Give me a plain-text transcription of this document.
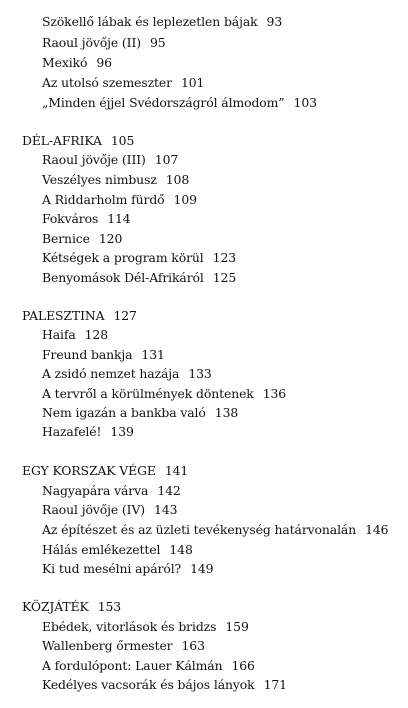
Szökellő lábak és leplezetlen bájak 93
Raoul jövője (II) 95
Mexikó 96
Az utolsó szemeszter 101
„Minden éjjel Svédországról álmodom” 103
DÉL-AFRIKA 105
Raoul jövője (III) 107
Veszélyes nimbusz 108
A Riddarholm fürdő 109
Fokváros 114
Bernice 120
Kétségek a program körül 123
Benyomások Dél-Afrikáról 125
PALESZTINA 127
Haifa 128
Freund bankja 131
A zsidó nemzet hazája 133
A tervről a körülmények döntenek 136
Nem igazán a bankba való 138
Hazafelé! 139
EGY KORSZAK VÉGE 141
Nagyapára várva 142
Raoul jövője (IV) 143
Az építészet és az üzleti tevékenység határvonalán 146
Hálás emlékezettel 148
Ki tud mesélni apáról? 149
KÖZJÁTÉK 153
Ebédek, vitorlások és bridzs 159
Wallenberg őrmester 163
A fordulópont: Lauer Kálmán 166
Kedélyes vacsorák és bájos lányok 171
